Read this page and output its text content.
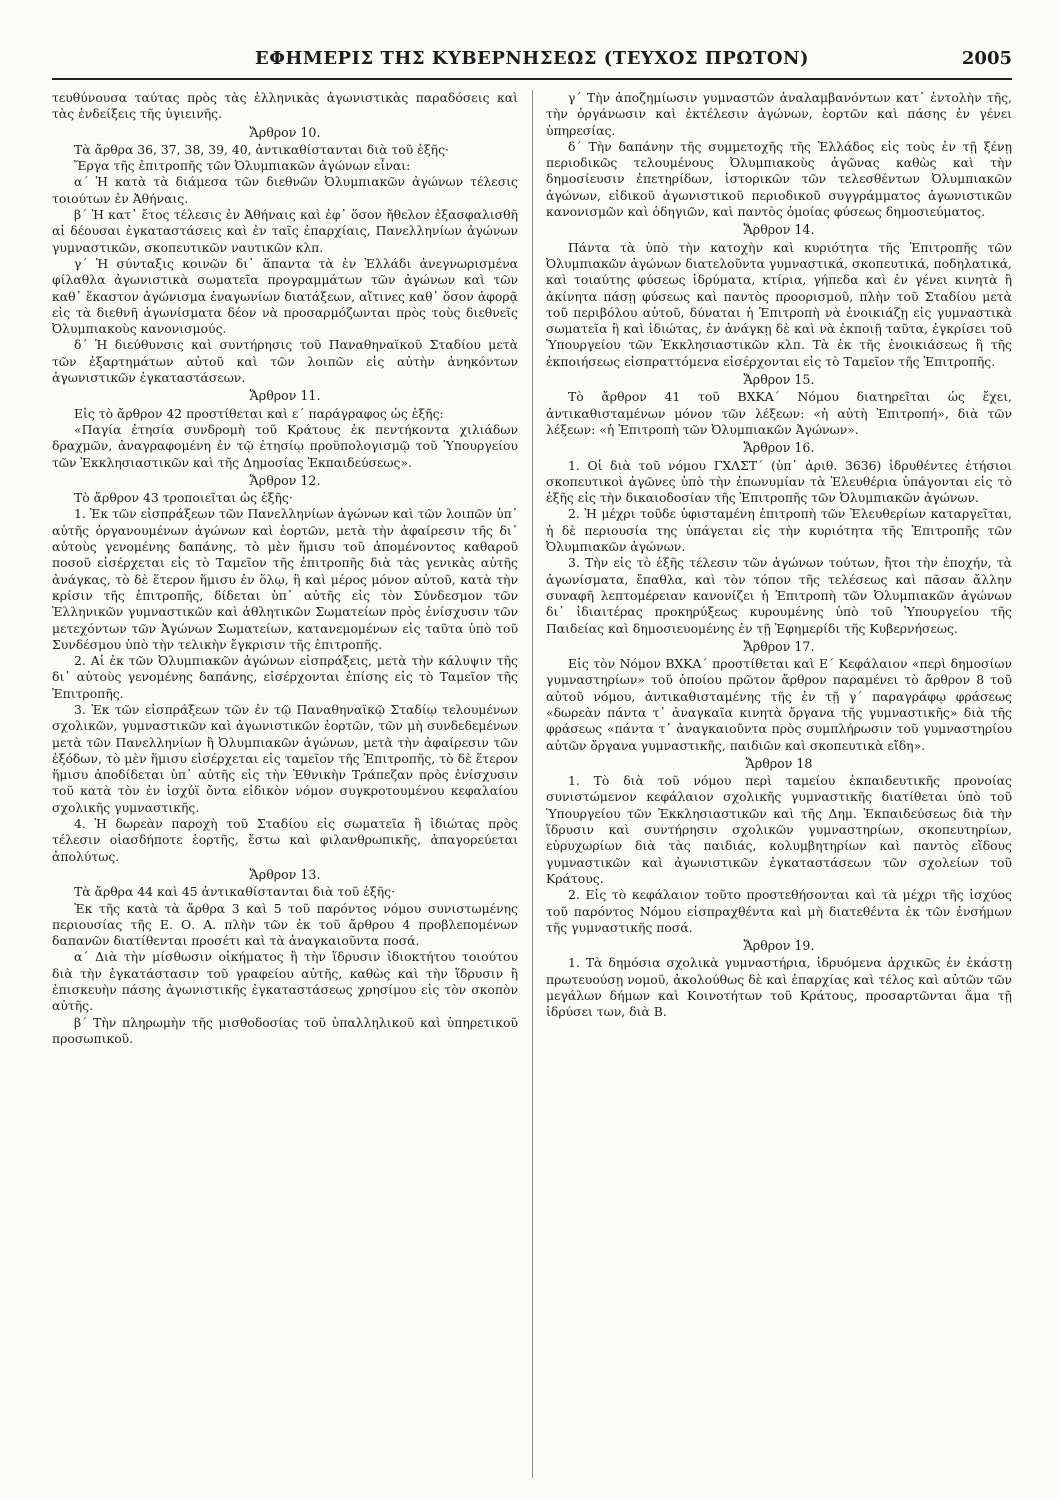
ΕΦΗΜΕΡΙΣ ΤΗΣ ΚΥΒΕΡΝΗΣΕΩΣ (ΤΕΥΧΟΣ ΠΡΩΤΟΝ)	2005

τευθύνουσα ταύτας πρὸς τὰς ἑλληνικὰς ἀγωνιστικὰς παραδόσεις καὶ τὰς ἐνδείξεις τῆς ὑγιεινῆς.

Ἄρθρον 10.

Τὰ ἄρθρα 36, 37, 38, 39, 40, ἀντικαθίστανται διὰ τοῦ ἑξῆς·

Ἔργα τῆς ἐπιτροπῆς τῶν Ὀλυμπιακῶν ἀγώνων εἶναι:

α΄ Ἡ κατὰ τὰ διάμεσα τῶν διεθνῶν Ὀλυμπιακῶν ἀγώνων τέλεσις τοιούτων ἐν Ἀθήναις.

β΄ Ἡ κατ᾿ ἔτος τέλεσις ἐν Ἀθήναις καὶ ἐφ᾿ ὅσον ἤθελον ἐξασφαλισθῆ αἱ δέουσαι ἐγκαταστάσεις καὶ ἐν ταῖς ἐπαρχίαις, Πανελληνίων ἀγώνων γυμναστικῶν, σκοπευτικῶν ναυτικῶν κλπ.

γ΄ Ἡ σύνταξις κοινῶν δι᾿ ἅπαντα τὰ ἐν Ἑλλάδι ἀνεγνωρισμένα φίλαθλα ἀγωνιστικὰ σωματεῖα προγραμμάτων τῶν ἀγώνων καὶ τῶν καθ᾿ ἕκαστον ἀγώνισμα ἐναγωνίων διατάξεων, αἵτινες καθ᾿ ὅσον ἀφορᾷ εἰς τὰ διεθνῆ ἀγωνίσματα δέον νὰ προσαρμόζωνται πρὸς τοὺς διεθνεῖς Ὀλυμπιακοὺς κανονισμούς.

δ΄ Ἡ διεύθυνσις καὶ συντήρησις τοῦ Παναθηναϊκοῦ Σταδίου μετὰ τῶν ἐξαρτημάτων αὐτοῦ καὶ τῶν λοιπῶν εἰς αὐτὴν ἀνηκόντων ἀγωνιστικῶν ἐγκαταστάσεων.

Ἄρθρον 11.

Εἰς τὸ ἄρθρον 42 προστίθεται καὶ ε΄ παράγραφος ὡς ἑξῆς:

«Παγία ἐτησία συνδρομὴ τοῦ Κράτους ἐκ πεντήκοντα χιλιάδων δραχμῶν, ἀναγραφομένη ἐν τῷ ἐτησίῳ προϋπολογισμῷ τοῦ Ὑπουργείου τῶν Ἐκκλησιαστικῶν καὶ τῆς Δημοσίας Ἐκπαιδεύσεως».

Ἄρθρον 12.

Τὸ ἄρθρον 43 τροποιεῖται ὡς ἑξῆς·

1. Ἐκ τῶν εἰσπράξεων τῶν Πανελληνίων ἀγώνων καὶ τῶν λοιπῶν ὑπ᾿ αὐτῆς ὀργανουμένων ἀγώνων καὶ ἑορτῶν, μετὰ τὴν ἀφαίρεσιν τῆς δι᾿ αὐτοὺς γενομένης δαπάνης, τὸ μὲν ἥμισυ τοῦ ἀπομένοντος καθαροῦ ποσοῦ εἰσέρχεται εἰς τὸ Ταμεῖον τῆς ἐπιτροπῆς διὰ τὰς γενικὰς αὐτῆς ἀνάγκας, τὸ δὲ ἕτερον ἥμισυ ἐν ὅλῳ, ἢ καὶ μέρος μόνον αὐτοῦ, κατὰ τὴν κρίσιν τῆς ἐπιτροπῆς, δίδεται ὑπ᾿ αὐτῆς εἰς τὸν Σύνδεσμον τῶν Ἑλληνικῶν γυμναστικῶν καὶ ἀθλητικῶν Σωματείων πρὸς ἐνίσχυσιν τῶν μετεχόντων τῶν Ἀγώνων Σωματείων, κατανεμομένων εἰς ταῦτα ὑπὸ τοῦ Συνδέσμου ὑπὸ τὴν τελικὴν ἔγκρισιν τῆς ἐπιτροπῆς.

2. Αἱ ἐκ τῶν Ὀλυμπιακῶν ἀγώνων εἰσπράξεις, μετὰ τὴν κάλυψιν τῆς δι᾿ αὐτοὺς γενομένης δαπάνης, εἰσέρχονται ἐπίσης εἰς τὸ Ταμεῖον τῆς Ἐπιτροπῆς.

3. Ἐκ τῶν εἰσπράξεων τῶν ἐν τῷ Παναθηναϊκῷ Σταδίῳ τελουμένων σχολικῶν, γυμναστικῶν καὶ ἀγωνιστικῶν ἑορτῶν, τῶν μὴ συνδεδεμένων μετὰ τῶν Πανελληνίων ἢ Ὀλυμπιακῶν ἀγώνων, μετὰ τὴν ἀφαίρεσιν τῶν ἐξόδων, τὸ μὲν ἥμισυ εἰσέρχεται εἰς ταμεῖον τῆς Ἐπιτροπῆς, τὸ δὲ ἕτερον ἥμισυ ἀποδίδεται ὑπ᾿ αὐτῆς εἰς τὴν Ἐθνικὴν Τράπεζαν πρὸς ἐνίσχυσιν τοῦ κατὰ τὸν ἐν ἰσχύϊ ὄντα εἰδικὸν νόμον συγκροτουμένου κεφαλαίου σχολικῆς γυμναστικῆς.

4. Ἡ δωρεὰν παροχὴ τοῦ Σταδίου εἰς σωματεῖα ἢ ἰδιώτας πρὸς τέλεσιν οἱασδήποτε ἑορτῆς, ἔστω καὶ φιλανθρωπικῆς, ἀπαγορεύεται ἀπολύτως.

Ἄρθρον 13.

Τὰ ἄρθρα 44 καὶ 45 ἀντικαθίστανται διὰ τοῦ ἑξῆς·

Ἐκ τῆς κατὰ τὰ ἄρθρα 3 καὶ 5 τοῦ παρόντος νόμου συνιστωμένης περιουσίας τῆς Ε. Ο. Α. πλὴν τῶν ἐκ τοῦ ἄρθρου 4 προβλεπομένων δαπανῶν διατίθενται προσέτι καὶ τὰ ἀναγκαιοῦντα ποσά.

α΄ Διὰ τὴν μίσθωσιν οἰκήματος ἢ τὴν ἵδρυσιν ἰδιοκτήτου τοιούτου διὰ τὴν ἐγκατάστασιν τοῦ γραφείου αὐτῆς, καθὼς καὶ τὴν ἵδρυσιν ἢ ἐπισκευὴν πάσης ἀγωνιστικῆς ἐγκαταστάσεως χρησίμου εἰς τὸν σκοπὸν αὐτῆς.

β΄ Τὴν πληρωμὴν τῆς μισθοδοσίας τοῦ ὑπαλληλικοῦ καὶ ὑπηρετικοῦ προσωπικοῦ.

γ΄ Τὴν ἀποζημίωσιν γυμναστῶν ἀναλαμβανόντων κατ᾿ ἐντολὴν τῆς, τὴν ὀργάνωσιν καὶ ἐκτέλεσιν ἀγώνων, ἑορτῶν καὶ πάσης ἐν γένει ὑπηρεσίας.

δ΄ Τὴν δαπάνην τῆς συμμετοχῆς τῆς Ἑλλάδος εἰς τοὺς ἐν τῇ ξένῃ περιοδικῶς τελουμένους Ὀλυμπιακοὺς ἀγῶνας καθὼς καὶ τὴν δημοσίευσιν ἐπετηρίδων, ἱστορικῶν τῶν τελεσθέντων Ὀλυμπιακῶν ἀγώνων, εἰδικοῦ ἀγωνιστικοῦ περιοδικοῦ συγγράμματος ἀγωνιστικῶν κανονισμῶν καὶ ὁδηγιῶν, καὶ παντὸς ὁμοίας φύσεως δημοσιεύματος.

Ἄρθρον 14.

Πάντα τὰ ὑπὸ τὴν κατοχὴν καὶ κυριότητα τῆς Ἐπιτροπῆς τῶν Ὀλυμπιακῶν ἀγώνων διατελοῦντα γυμναστικά, σκοπευτικά, ποδηλατικά, καὶ τοιαύτης φύσεως ἱδρύματα, κτίρια, γήπεδα καὶ ἐν γένει κινητὰ ἢ ἀκίνητα πάσῃ φύσεως καὶ παντὸς προορισμοῦ, πλὴν τοῦ Σταδίου μετὰ τοῦ περιβόλου αὐτοῦ, δύναται ἡ Ἐπιτροπὴ νὰ ἐνοικιάζῃ εἰς γυμναστικὰ σωματεῖα ἢ καὶ ἰδιώτας, ἐν ἀνάγκῃ δὲ καὶ νὰ ἐκποιῇ ταῦτα, ἐγκρίσει τοῦ Ὑπουργείου τῶν Ἐκκλησιαστικῶν κλπ. Τὰ ἐκ τῆς ἐνοικιάσεως ἢ τῆς ἐκποιήσεως εἰσπραττόμενα εἰσέρχονται εἰς τὸ Ταμεῖον τῆς Ἐπιτροπῆς.

Ἄρθρον 15.

Τὸ ἄρθρον 41 τοῦ ΒΧΚΑ΄ Νόμου διατηρεῖται ὡς ἔχει, ἀντικαθισταμένων μόνον τῶν λέξεων: «ἡ αὐτὴ Ἐπιτροπή», διὰ τῶν λέξεων: «ἡ Ἐπιτροπὴ τῶν Ὀλυμπιακῶν Ἀγώνων».

Ἄρθρον 16.

1. Οἱ διὰ τοῦ νόμου ΓΧΛΣΤ΄ (ὑπ᾿ ἀριθ. 3636) ἱδρυθέντες ἐτήσιοι σκοπευτικοὶ ἀγῶνες ὑπὸ τὴν ἐπωνυμίαν τὰ Ἐλευθέρια ὑπάγονται εἰς τὸ ἑξῆς εἰς τὴν δικαιοδοσίαν τῆς Ἐπιτροπῆς τῶν Ὀλυμπιακῶν ἀγώνων.

2. Ἡ μέχρι τοῦδε ὑφισταμένη ἐπιτροπὴ τῶν Ἐλευθερίων καταργεῖται, ἡ δὲ περιουσία της ὑπάγεται εἰς τὴν κυριότητα τῆς Ἐπιτροπῆς τῶν Ὀλυμπιακῶν ἀγώνων.

3. Τὴν εἰς τὸ ἑξῆς τέλεσιν τῶν ἀγώνων τούτων, ἤτοι τὴν ἐποχήν, τὰ ἀγωνίσματα, ἔπαθλα, καὶ τὸν τόπον τῆς τελέσεως καὶ πᾶσαν ἄλλην συναφῆ λεπτομέρειαν κανονίζει ἡ Ἐπιτροπὴ τῶν Ὀλυμπιακῶν ἀγώνων δι᾿ ἰδιαιτέρας προκηρύξεως κυρουμένης ὑπὸ τοῦ Ὑπουργείου τῆς Παιδείας καὶ δημοσιευομένης ἐν τῇ Ἐφημερίδι τῆς Κυβερνήσεως.

Ἄρθρον 17.

Εἰς τὸν Νόμον ΒΧΚΑ΄ προστίθεται καὶ Ε΄ Κεφάλαιον «περὶ δημοσίων γυμναστηρίων» τοῦ ὁποίου πρῶτον ἄρθρον παραμένει τὸ ἄρθρον 8 τοῦ αὐτοῦ νόμου, ἀντικαθισταμένης τῆς ἐν τῇ γ΄ παραγράφῳ φράσεως «δωρεὰν πάντα τ᾿ ἀναγκαῖα κινητὰ ὄργανα τῆς γυμναστικῆς» διὰ τῆς φράσεως «πάντα τ᾿ ἀναγκαιοῦντα πρὸς συμπλήρωσιν τοῦ γυμναστηρίου αὐτῶν ὄργανα γυμναστικῆς, παιδιῶν καὶ σκοπευτικὰ εἴδη».

Ἄρθρον 18

1. Τὸ διὰ τοῦ νόμου περὶ ταμείου ἐκπαιδευτικῆς προνοίας συνιστώμενον κεφάλαιον σχολικῆς γυμναστικῆς διατίθεται ὑπὸ τοῦ Ὑπουργείου τῶν Ἐκκλησιαστικῶν καὶ τῆς Δημ. Ἐκπαιδεύσεως διὰ τὴν ἵδρυσιν καὶ συντήρησιν σχολικῶν γυμναστηρίων, σκοπευτηρίων, εὐρυχωρίων διὰ τὰς παιδιάς, κολυμβητηρίων καὶ παντὸς εἴδους γυμναστικῶν καὶ ἀγωνιστικῶν ἐγκαταστάσεων τῶν σχολείων τοῦ Κράτους.

2. Εἰς τὸ κεφάλαιον τοῦτο προστεθήσονται καὶ τὰ μέχρι τῆς ἰσχύος τοῦ παρόντος Νόμου εἰσπραχθέντα καὶ μὴ διατεθέντα ἐκ τῶν ἐνσήμων τῆς γυμναστικῆς ποσά.

Ἄρθρον 19.

1. Τὰ δημόσια σχολικὰ γυμναστήρια, ἱδρυόμενα ἀρχικῶς ἐν ἑκάστῃ πρωτευούσῃ νομοῦ, ἀκολούθως δὲ καὶ ἐπαρχίας καὶ τέλος καὶ αὐτῶν τῶν μεγάλων δήμων καὶ Κοινοτήτων τοῦ Κράτους, προσαρτῶνται ἅμα τῇ ἱδρύσει των, διὰ Β.
